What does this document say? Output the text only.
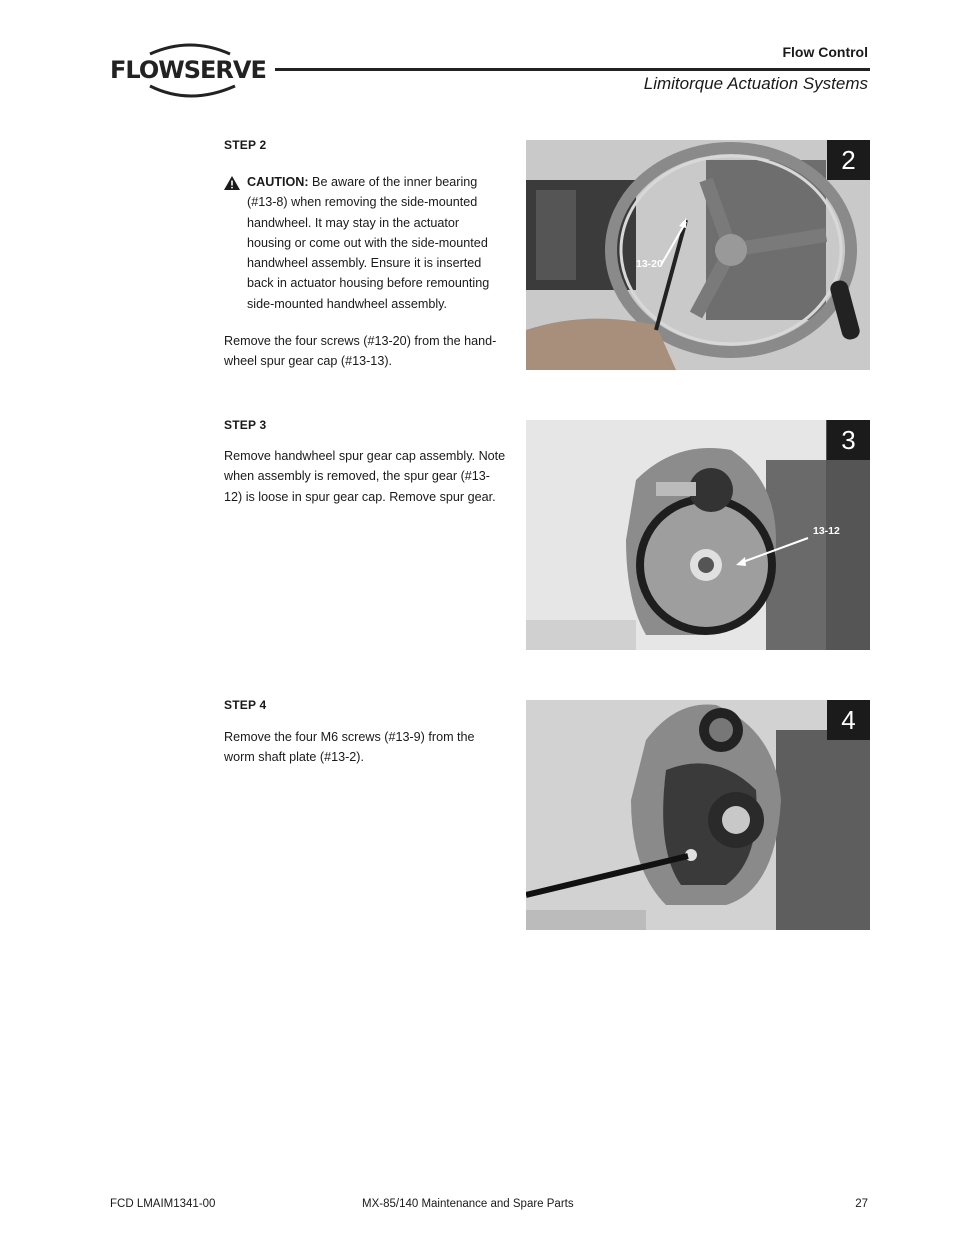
FLOWSERVE
Flow Control
Limitorque Actuation Systems
STEP 2
CAUTION: Be aware of the inner bearing (#13-8) when removing the side-mounted handwheel. It may stay in the actuator housing or come out with the side-mounted handwheel assembly. Ensure it is inserted back in actuator housing before remounting side-mounted handwheel assembly.
Remove the four screws (#13-20) from the hand-wheel spur gear cap (#13-13).
13-20
2
STEP 3
Remove handwheel spur gear cap assembly. Note when assembly is removed, the spur gear (#13-12) is loose in spur gear cap. Remove spur gear.
13-12
3
STEP 4
Remove the four M6 screws (#13-9) from the worm shaft plate (#13-2).
4
FCD LMAIM1341-00	MX-85/140 Maintenance and Spare Parts	27
